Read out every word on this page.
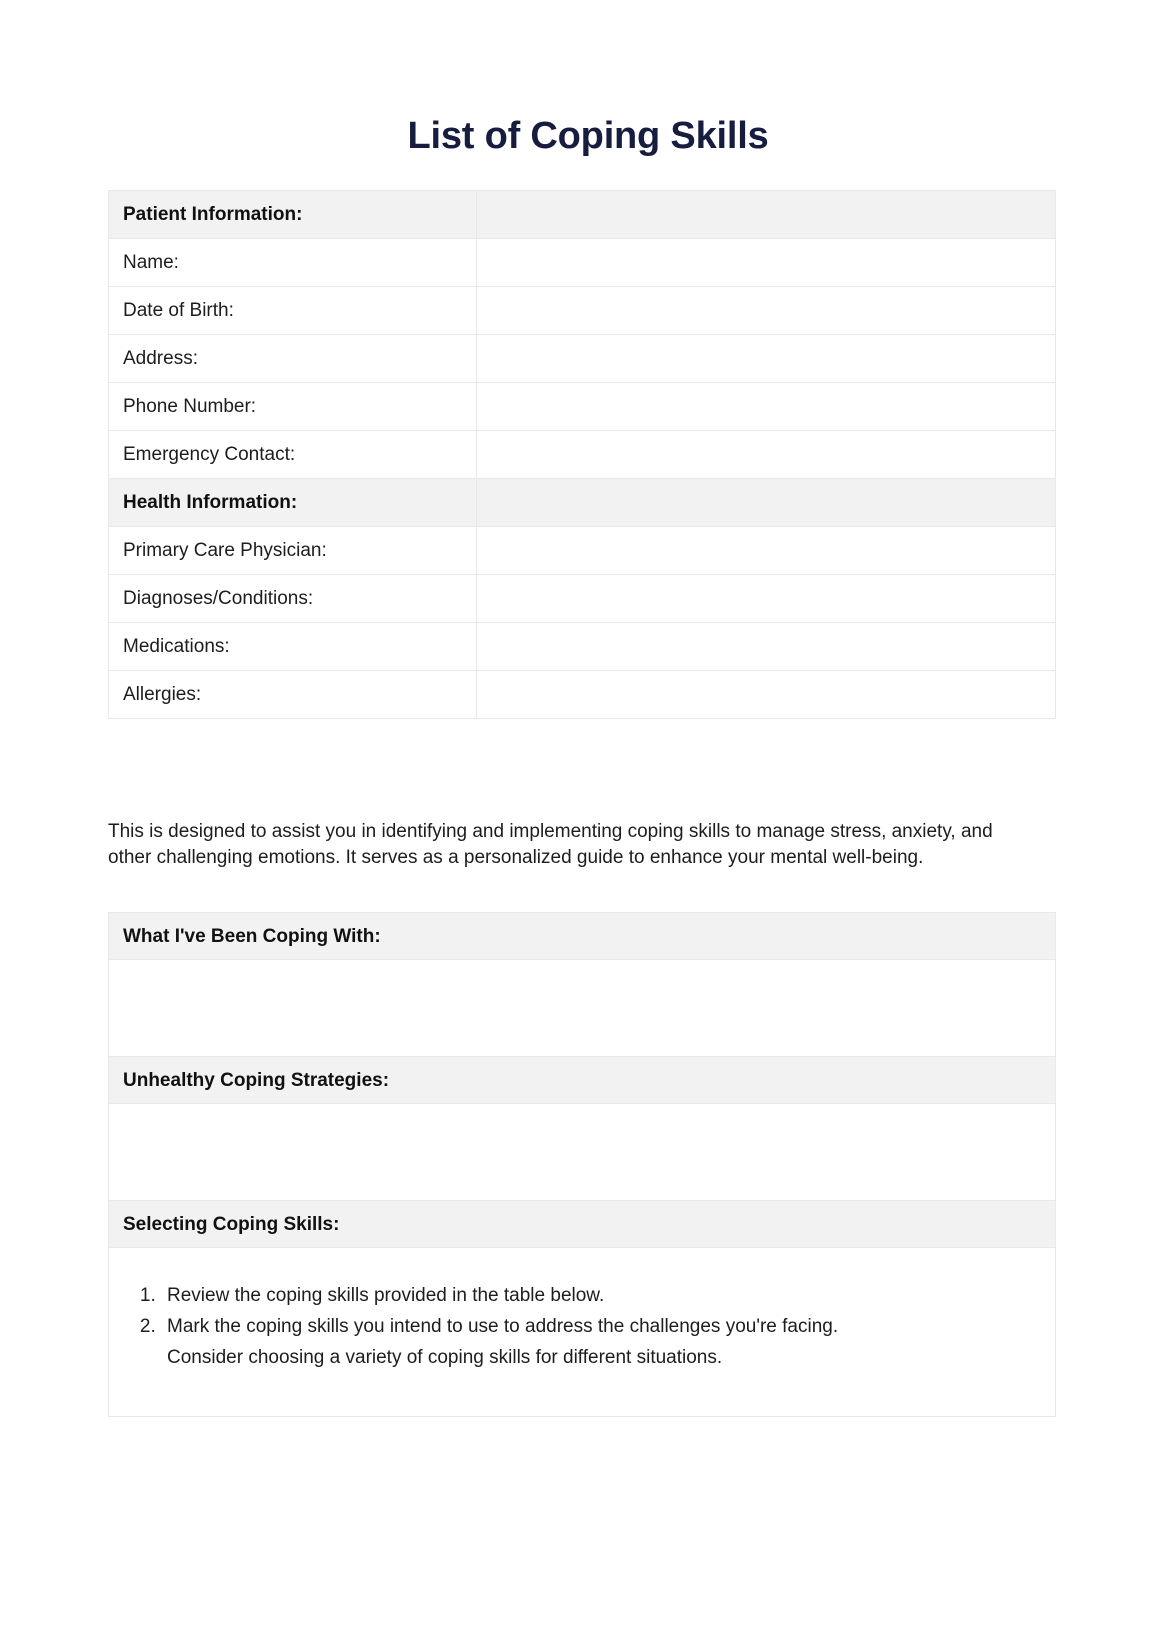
List of Coping Skills
Patient Information:	
Name:	
Date of Birth:	
Address:	
Phone Number:	
Emergency Contact:	
Health Information:	
Primary Care Physician:	
Diagnoses/Conditions:	
Medications:	
Allergies:	

This is designed to assist you in identifying and implementing coping skills to manage stress, anxiety, and other challenging emotions. It serves as a personalized guide to enhance your mental well-being.

What I've Been Coping With:

Unhealthy Coping Strategies:

Selecting Coping Skills:

1. Review the coping skills provided in the table below.
2. Mark the coping skills you intend to use to address the challenges you're facing.

Consider choosing a variety of coping skills for different situations.
